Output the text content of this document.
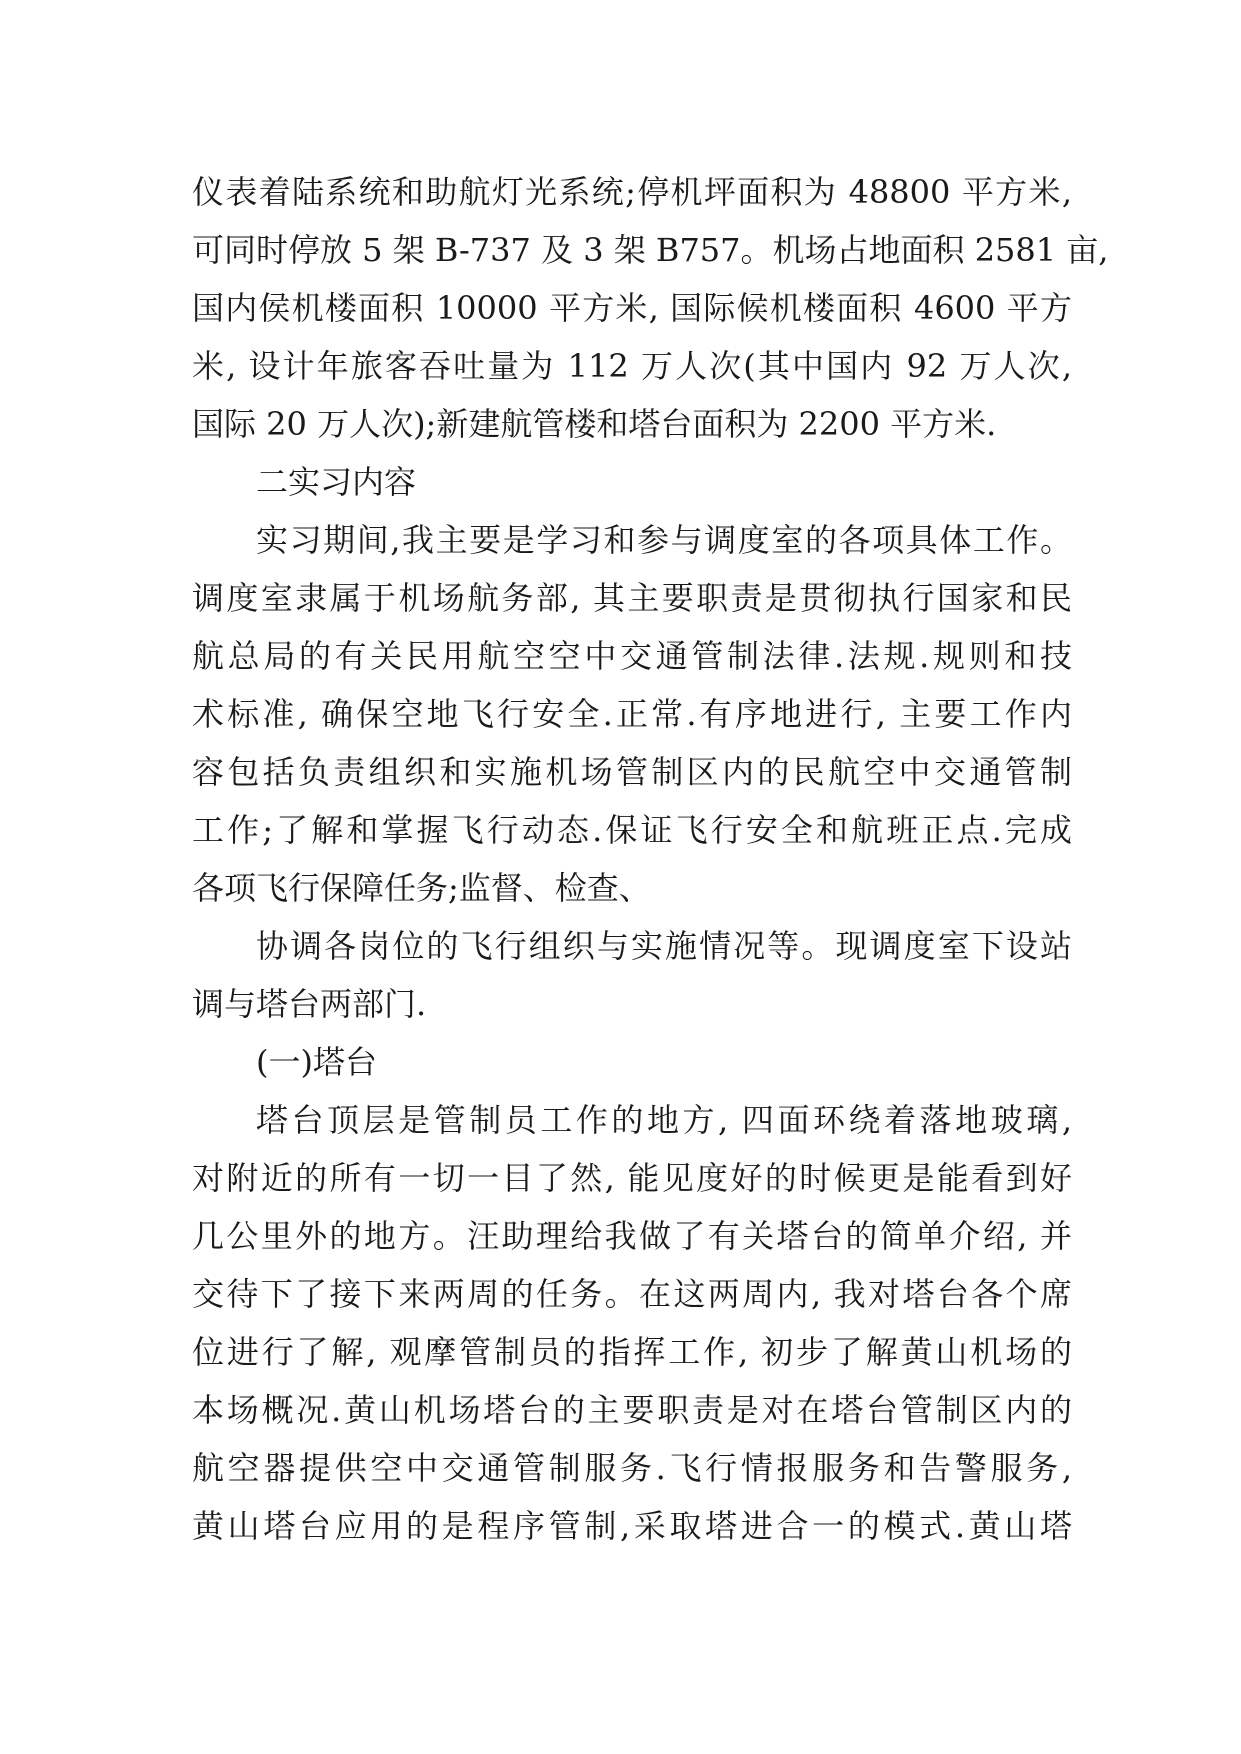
仪表着陆系统和助航灯光系统;停机坪面积为 48800 平方米,
可同时停放 5 架 B-737 及 3 架 B757。机场占地面积 2581 亩,
国内侯机楼面积 10000 平方米, 国际候机楼面积 4600 平方
米, 设计年旅客吞吐量为 112 万人次(其中国内 92 万人次,
国际 20 万人次);新建航管楼和塔台面积为 2200 平方米.
二实习内容
实习期间,我主要是学习和参与调度室的各项具体工作。
调度室隶属于机场航务部, 其主要职责是贯彻执行国家和民
航总局的有关民用航空空中交通管制法律.法规.规则和技
术标准, 确保空地飞行安全.正常.有序地进行, 主要工作内
容包括负责组织和实施机场管制区内的民航空中交通管制
工作;了解和掌握飞行动态.保证飞行安全和航班正点.完成
各项飞行保障任务;监督、检查、
协调各岗位的飞行组织与实施情况等。现调度室下设站
调与塔台两部门.
(一)塔台
塔台顶层是管制员工作的地方, 四面环绕着落地玻璃,
对附近的所有一切一目了然, 能见度好的时候更是能看到好
几公里外的地方。汪助理给我做了有关塔台的简单介绍, 并
交待下了接下来两周的任务。在这两周内, 我对塔台各个席
位进行了解, 观摩管制员的指挥工作, 初步了解黄山机场的
本场概况.黄山机场塔台的主要职责是对在塔台管制区内的
航空器提供空中交通管制服务.飞行情报服务和告警服务,
黄山塔台应用的是程序管制,采取塔进合一的模式.黄山塔
